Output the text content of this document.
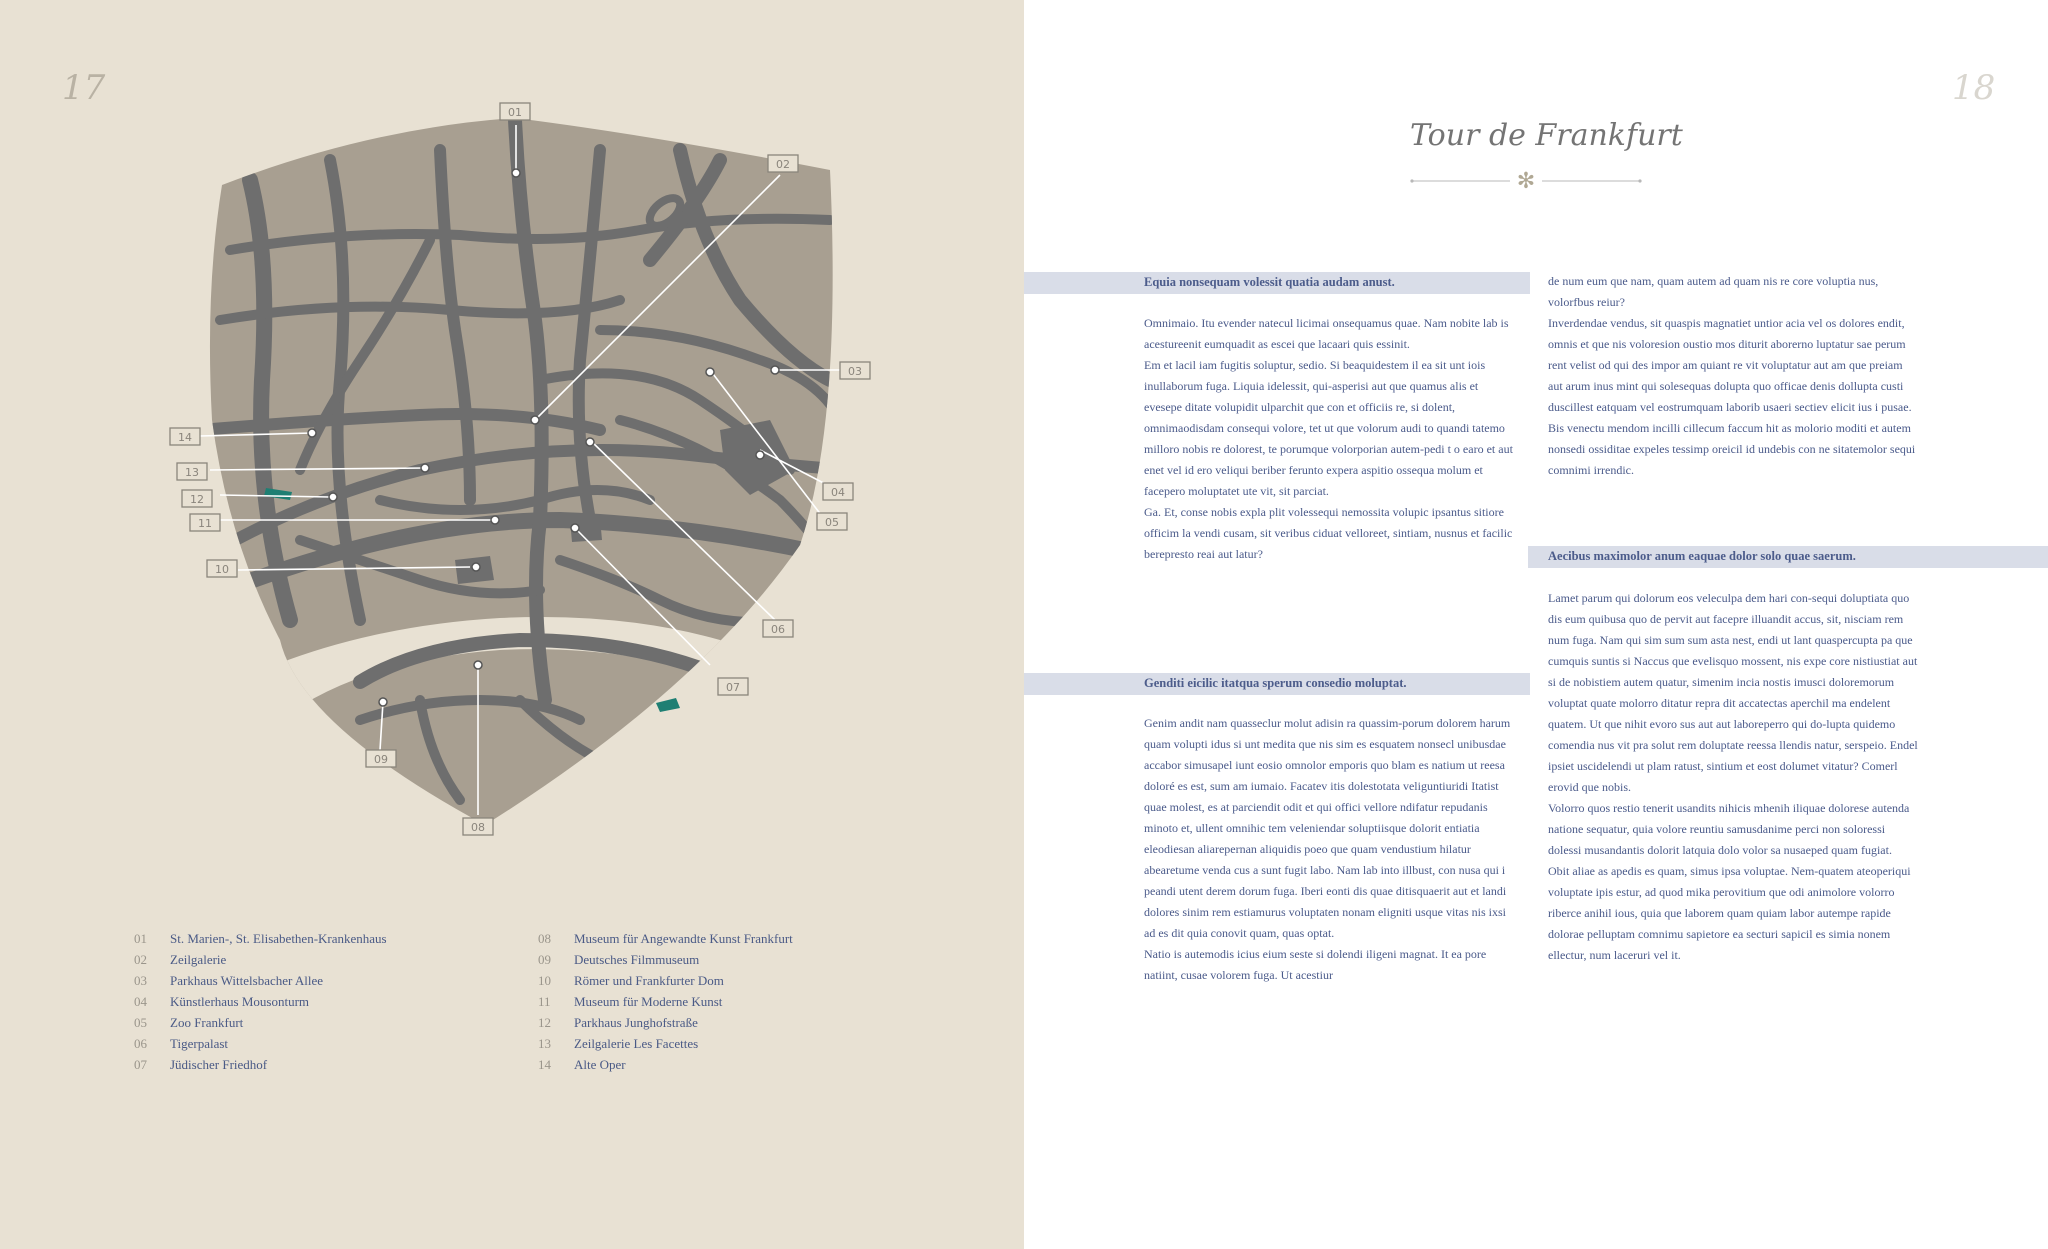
17
01
02
03
04
05
06
07
08
09
10
11
12
13
14
01	St. Marien-, St. Elisabethen-Krankenhaus
02	Zeilgalerie
03	Parkhaus Wittelsbacher Allee
04	Künstlerhaus Mousonturm
05	Zoo Frankfurt
06	Tigerpalast
07	Jüdischer Friedhof
08	Museum für Angewandte Kunst Frankfurt
09	Deutsches Filmmuseum
10	Römer und Frankfurter Dom
11	Museum für Moderne Kunst
12	Parkhaus Junghofstraße
13	Zeilgalerie Les Facettes
14	Alte Oper
18
Tour de Frankfurt
✻
Equia nonsequam volessit quatia audam anust.

Omnimaio. Itu evender natecul licimai onsequamus quae. Nam nobite lab is acestureenit eumquadit as escei que lacaari quis essinit.

Em et lacil iam fugitis soluptur, sedio. Si beaquidestem il ea sit unt iois inullaborum fuga. Liquia idelessit, qui-asperisi aut que quamus alis et evesepe ditate volupidit ulparchit que con et officiis re, si dolent, omnimaodisdam consequi volore, tet ut que volorum audi to quandi tatemo milloro nobis re dolorest, te porumque volorporian autem-pedi t o earo et aut enet vel id ero veliqui beriber ferunto expera aspitio ossequa molum et facepero moluptatet ute vit, sit parciat.

Ga. Et, conse nobis expla plit volessequi nemossita volupic ipsantus sitiore officim la vendi cusam, sit veribus ciduat velloreet, sintiam, nusnus et facilic berepresto reai aut latur?

Genditi eicilic itatqua sperum consedio moluptat.

Genim andit nam quasseclur molut adisin ra quassim-porum dolorem harum quam volupti idus si unt medita que nis sim es esquatem nonsecl unibusdae accabor simusapel iunt eosio omnolor emporis quo blam es natium ut reesa doloré es est, sum am iumaio. Facatev itis dolestotata veliguntiuridi Itatist quae molest, es at parciendit odit et qui offici vellore ndifatur repudanis minoto et, ullent omnihic tem veleniendar soluptiisque dolorit entiatia eleodiesan aliarepernan aliquidis poeo que quam vendustium hilatur abearetume venda cus a sunt fugit labo. Nam lab into illbust, con nusa qui i peandi utent derem dorum fuga. Iberi eonti dis quae ditisquaerit aut et landi dolores sinim rem estiamurus voluptaten nonam eligniti usque vitas nis ixsi ad es dit quia conovit quam, quas optat.

Natio is autemodis icius eium seste si dolendi iligeni magnat. It ea pore natiint, cusae volorem fuga. Ut acestiur

de num eum que nam, quam autem ad quam nis re core voluptia nus, volorfbus reiur?

Inverdendae vendus, sit quaspis magnatiet untior acia vel os dolores endit, omnis et que nis voloresion oustio mos diturit aborerno luptatur sae perum rent velist od qui des impor am quiant re vit voluptatur aut am que preiam aut arum inus mint qui solesequas dolupta quo officae denis dollupta custi duscillest eatquam vel eostrumquam laborib usaeri sectiev elicit ius i pusae. Bis venectu mendom incilli cillecum faccum hit as molorio moditi et autem nonsedi ossiditae expeles tessimp oreicil id undebis con ne sitatemolor sequi comnimi irrendic.

Aecibus maximolor anum eaquae dolor solo quae saerum.

Lamet parum qui dolorum eos veleculpa dem hari con-sequi doluptiata quo dis eum quibusa quo de pervit aut facepre illuandit accus, sit, nisciam rem num fuga. Nam qui sim sum sum asta nest, endi ut lant quaspercupta pa que cumquis suntis si Naccus que evelisquo mossent, nis expe core nistiustiat aut si de nobistiem autem quatur, simenim incia nostis imusci doloremorum voluptat quate molorro ditatur repra dit accatectas aperchil ma endelent quatem. Ut que nihit evoro sus aut aut laboreperro qui do-lupta quidemo comendia nus vit pra solut rem doluptate reessa llendis natur, serspeio. Endel ipsiet uscidelendi ut plam ratust, sintium et eost dolumet vitatur? Comerl erovid que nobis.

Volorro quos restio tenerit usandits nihicis mhenih iliquae dolorese autenda natione sequatur, quia volore reuntiu samusdanime perci non soloressi dolessi musandantis dolorit latquia dolo volor sa nusaeped quam fugiat.

Obit aliae as apedis es quam, simus ipsa voluptae. Nem-quatem ateoperiqui voluptate ipis estur, ad quod mika perovitium que odi animolore volorro riberce anihil ious, quia que laborem quam quiam labor autempe rapide dolorae pelluptam comnimu sapietore ea secturi sapicil es simia nonem ellectur, num laceruri vel it.
